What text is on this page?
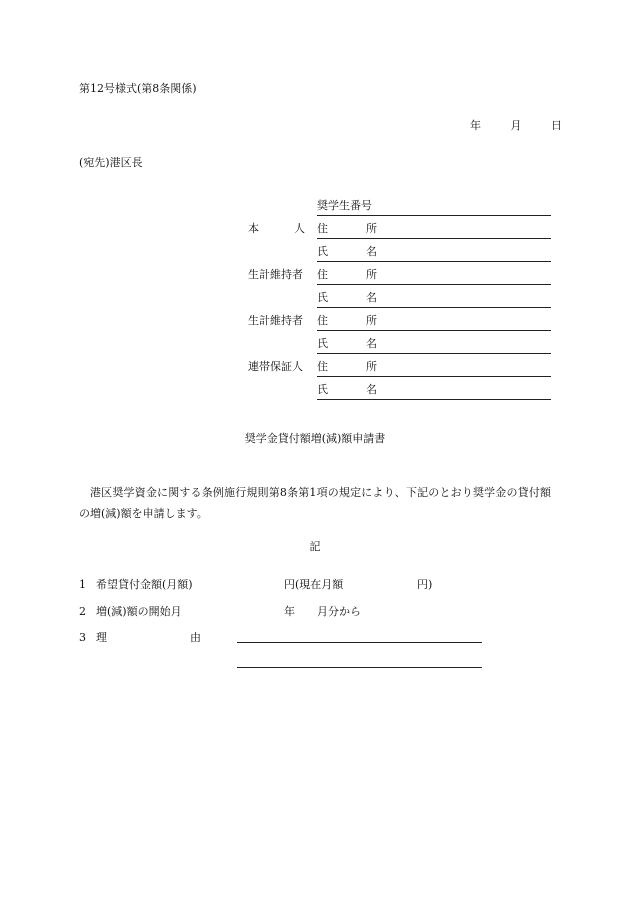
第12号様式(第8条関係)
年	月	日
(宛先)港区長
奨学生番号
本	人 住	所
氏	名
生計維持者 住	所
氏	名
生計維持者 住	所
氏	名
連帯保証人 住	所
氏	名
奨学金貸付額増(減)額申請書
港区奨学資金に関する条例施行規則第8条第1項の規定により、下記のとおり奨学金の貸付額の増(減)額を申請します。
記
1 希望貸付金額(月額)	円(現在月額	円)
2 増(減)額の開始月	年 月分から
3 理	由
